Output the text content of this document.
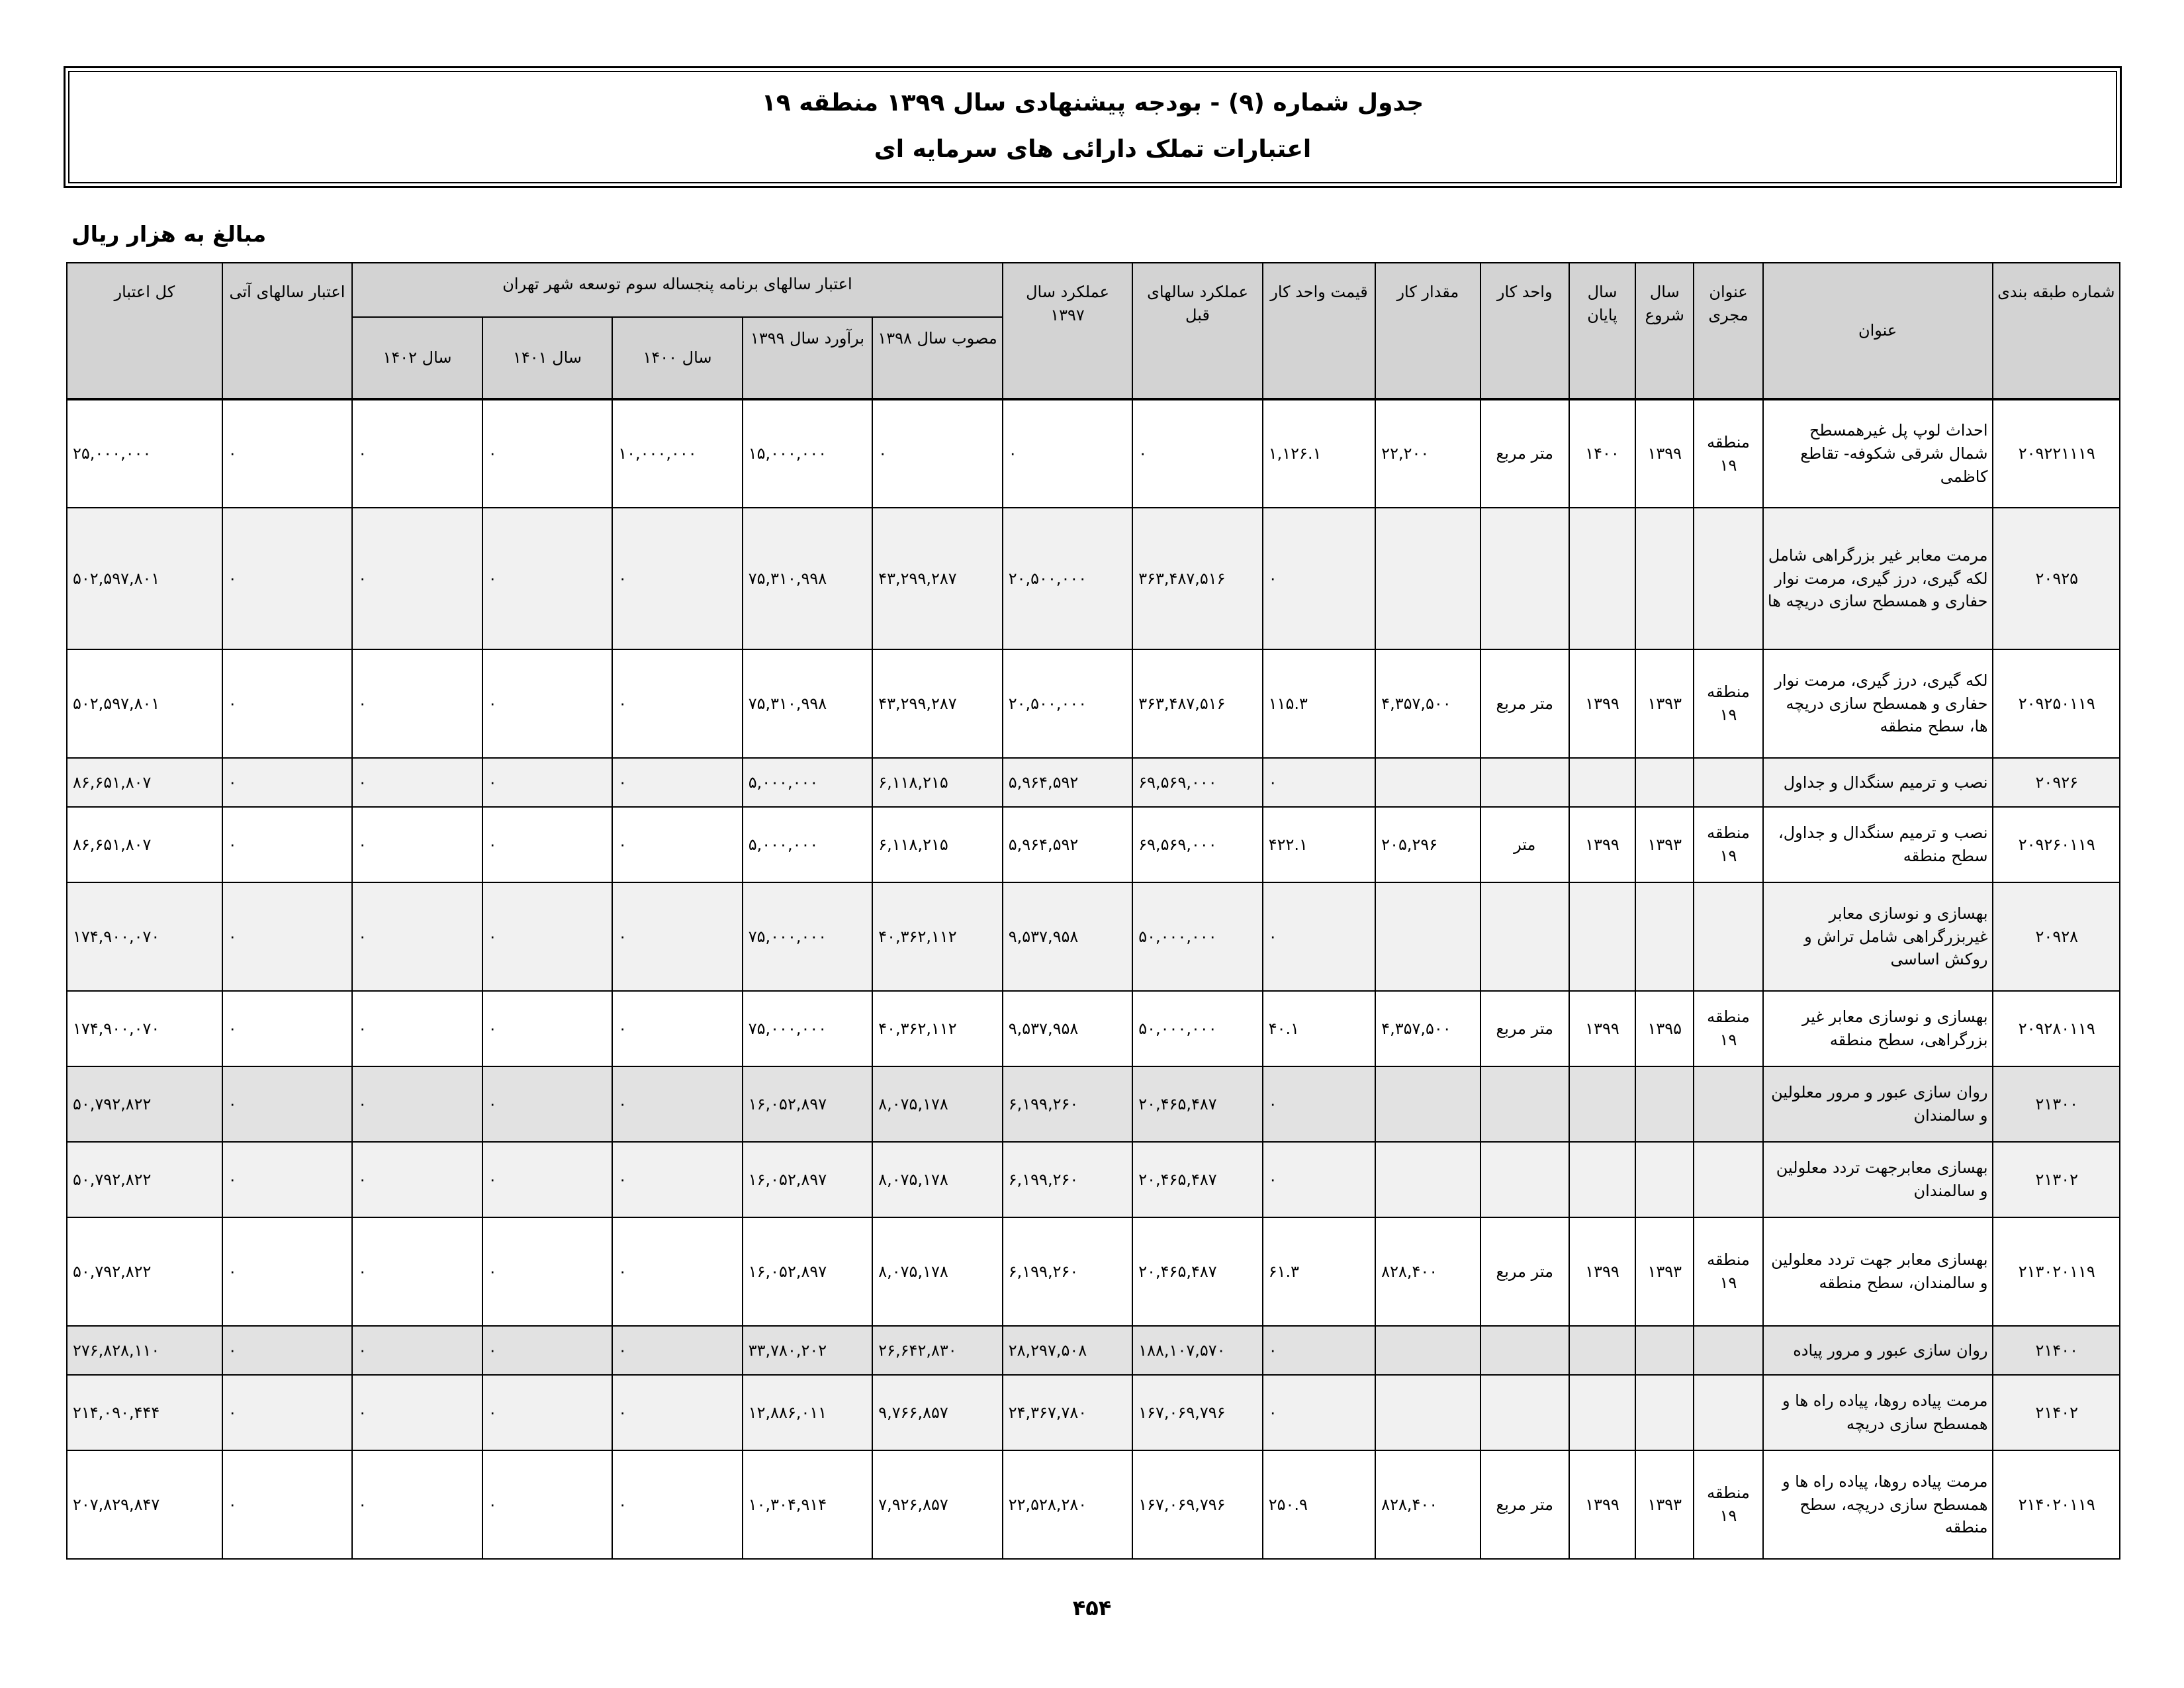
جدول شماره (۹) - بودجه پیشنهادی سال ۱۳۹۹ منطقه ۱۹
اعتبارات تملک دارائی های سرمایه ای
مبالغ به هزار ریال
شماره طبقه بندی	عنوان	عنوان مجری	سال شروع	سال پایان	واحد کار	مقدار کار	قیمت واحد کار	عملکرد سالهای قبل	عملکرد سال ۱۳۹۷	اعتبار سالهای برنامه پنجساله سوم توسعه شهر تهران					اعتبار سالهای آتی	کل اعتبار
										مصوب سال ۱۳۹۸	برآورد سال ۱۳۹۹	سال ۱۴۰۰	سال ۱۴۰۱	سال ۱۴۰۲		
۲۰۹۲۲۱۱۱۹	احداث لوپ پل غیرهمسطح شمال شرقی شکوفه- تقاطع کاظمی	منطقه ۱۹	۱۳۹۹	۱۴۰۰	متر مربع	۲۲,۲۰۰	۱,۱۲۶.۱	۰	۰	۰	۱۵,۰۰۰,۰۰۰	۱۰,۰۰۰,۰۰۰	۰	۰	۰	۲۵,۰۰۰,۰۰۰
۲۰۹۲۵	مرمت معابر غیر بزرگراهی شامل لکه گیری، درز گیری، مرمت نوار حفاری و همسطح سازی دریچه ها						۰	۳۶۳,۴۸۷,۵۱۶	۲۰,۵۰۰,۰۰۰	۴۳,۲۹۹,۲۸۷	۷۵,۳۱۰,۹۹۸	۰	۰	۰	۰	۵۰۲,۵۹۷,۸۰۱
۲۰۹۲۵۰۱۱۹	لکه گیری، درز گیری، مرمت نوار حفاری و همسطح سازی دریچه ها، سطح منطقه	منطقه ۱۹	۱۳۹۳	۱۳۹۹	متر مربع	۴,۳۵۷,۵۰۰	۱۱۵.۳	۳۶۳,۴۸۷,۵۱۶	۲۰,۵۰۰,۰۰۰	۴۳,۲۹۹,۲۸۷	۷۵,۳۱۰,۹۹۸	۰	۰	۰	۰	۵۰۲,۵۹۷,۸۰۱
۲۰۹۲۶	نصب و ترمیم سنگدال و جداول						۰	۶۹,۵۶۹,۰۰۰	۵,۹۶۴,۵۹۲	۶,۱۱۸,۲۱۵	۵,۰۰۰,۰۰۰	۰	۰	۰	۰	۸۶,۶۵۱,۸۰۷
۲۰۹۲۶۰۱۱۹	نصب و ترمیم سنگدال و جداول، سطح منطقه	منطقه ۱۹	۱۳۹۳	۱۳۹۹	متر	۲۰۵,۲۹۶	۴۲۲.۱	۶۹,۵۶۹,۰۰۰	۵,۹۶۴,۵۹۲	۶,۱۱۸,۲۱۵	۵,۰۰۰,۰۰۰	۰	۰	۰	۰	۸۶,۶۵۱,۸۰۷
۲۰۹۲۸	بهسازی و نوسازی معابر غیربزرگراهی شامل تراش و روکش اساسی						۰	۵۰,۰۰۰,۰۰۰	۹,۵۳۷,۹۵۸	۴۰,۳۶۲,۱۱۲	۷۵,۰۰۰,۰۰۰	۰	۰	۰	۰	۱۷۴,۹۰۰,۰۷۰
۲۰۹۲۸۰۱۱۹	بهسازی و نوسازی معابر غیر بزرگراهی، سطح منطقه	منطقه ۱۹	۱۳۹۵	۱۳۹۹	متر مربع	۴,۳۵۷,۵۰۰	۴۰.۱	۵۰,۰۰۰,۰۰۰	۹,۵۳۷,۹۵۸	۴۰,۳۶۲,۱۱۲	۷۵,۰۰۰,۰۰۰	۰	۰	۰	۰	۱۷۴,۹۰۰,۰۷۰
۲۱۳۰۰	روان سازی عبور و مرور معلولین و سالمندان						۰	۲۰,۴۶۵,۴۸۷	۶,۱۹۹,۲۶۰	۸,۰۷۵,۱۷۸	۱۶,۰۵۲,۸۹۷	۰	۰	۰	۰	۵۰,۷۹۲,۸۲۲
۲۱۳۰۲	بهسازی معابرجهت تردد معلولین و سالمندان						۰	۲۰,۴۶۵,۴۸۷	۶,۱۹۹,۲۶۰	۸,۰۷۵,۱۷۸	۱۶,۰۵۲,۸۹۷	۰	۰	۰	۰	۵۰,۷۹۲,۸۲۲
۲۱۳۰۲۰۱۱۹	بهسازی معابر جهت تردد معلولین و سالمندان، سطح منطقه	منطقه ۱۹	۱۳۹۳	۱۳۹۹	متر مربع	۸۲۸,۴۰۰	۶۱.۳	۲۰,۴۶۵,۴۸۷	۶,۱۹۹,۲۶۰	۸,۰۷۵,۱۷۸	۱۶,۰۵۲,۸۹۷	۰	۰	۰	۰	۵۰,۷۹۲,۸۲۲
۲۱۴۰۰	روان سازی عبور و مرور پیاده						۰	۱۸۸,۱۰۷,۵۷۰	۲۸,۲۹۷,۵۰۸	۲۶,۶۴۲,۸۳۰	۳۳,۷۸۰,۲۰۲	۰	۰	۰	۰	۲۷۶,۸۲۸,۱۱۰
۲۱۴۰۲	مرمت پیاده روها، پیاده راه ها و همسطح سازی دریچه						۰	۱۶۷,۰۶۹,۷۹۶	۲۴,۳۶۷,۷۸۰	۹,۷۶۶,۸۵۷	۱۲,۸۸۶,۰۱۱	۰	۰	۰	۰	۲۱۴,۰۹۰,۴۴۴
۲۱۴۰۲۰۱۱۹	مرمت پیاده روها، پیاده راه ها و همسطح سازی دریچه، سطح منطقه	منطقه ۱۹	۱۳۹۳	۱۳۹۹	متر مربع	۸۲۸,۴۰۰	۲۵۰.۹	۱۶۷,۰۶۹,۷۹۶	۲۲,۵۲۸,۲۸۰	۷,۹۲۶,۸۵۷	۱۰,۳۰۴,۹۱۴	۰	۰	۰	۰	۲۰۷,۸۲۹,۸۴۷
۴۵۴
